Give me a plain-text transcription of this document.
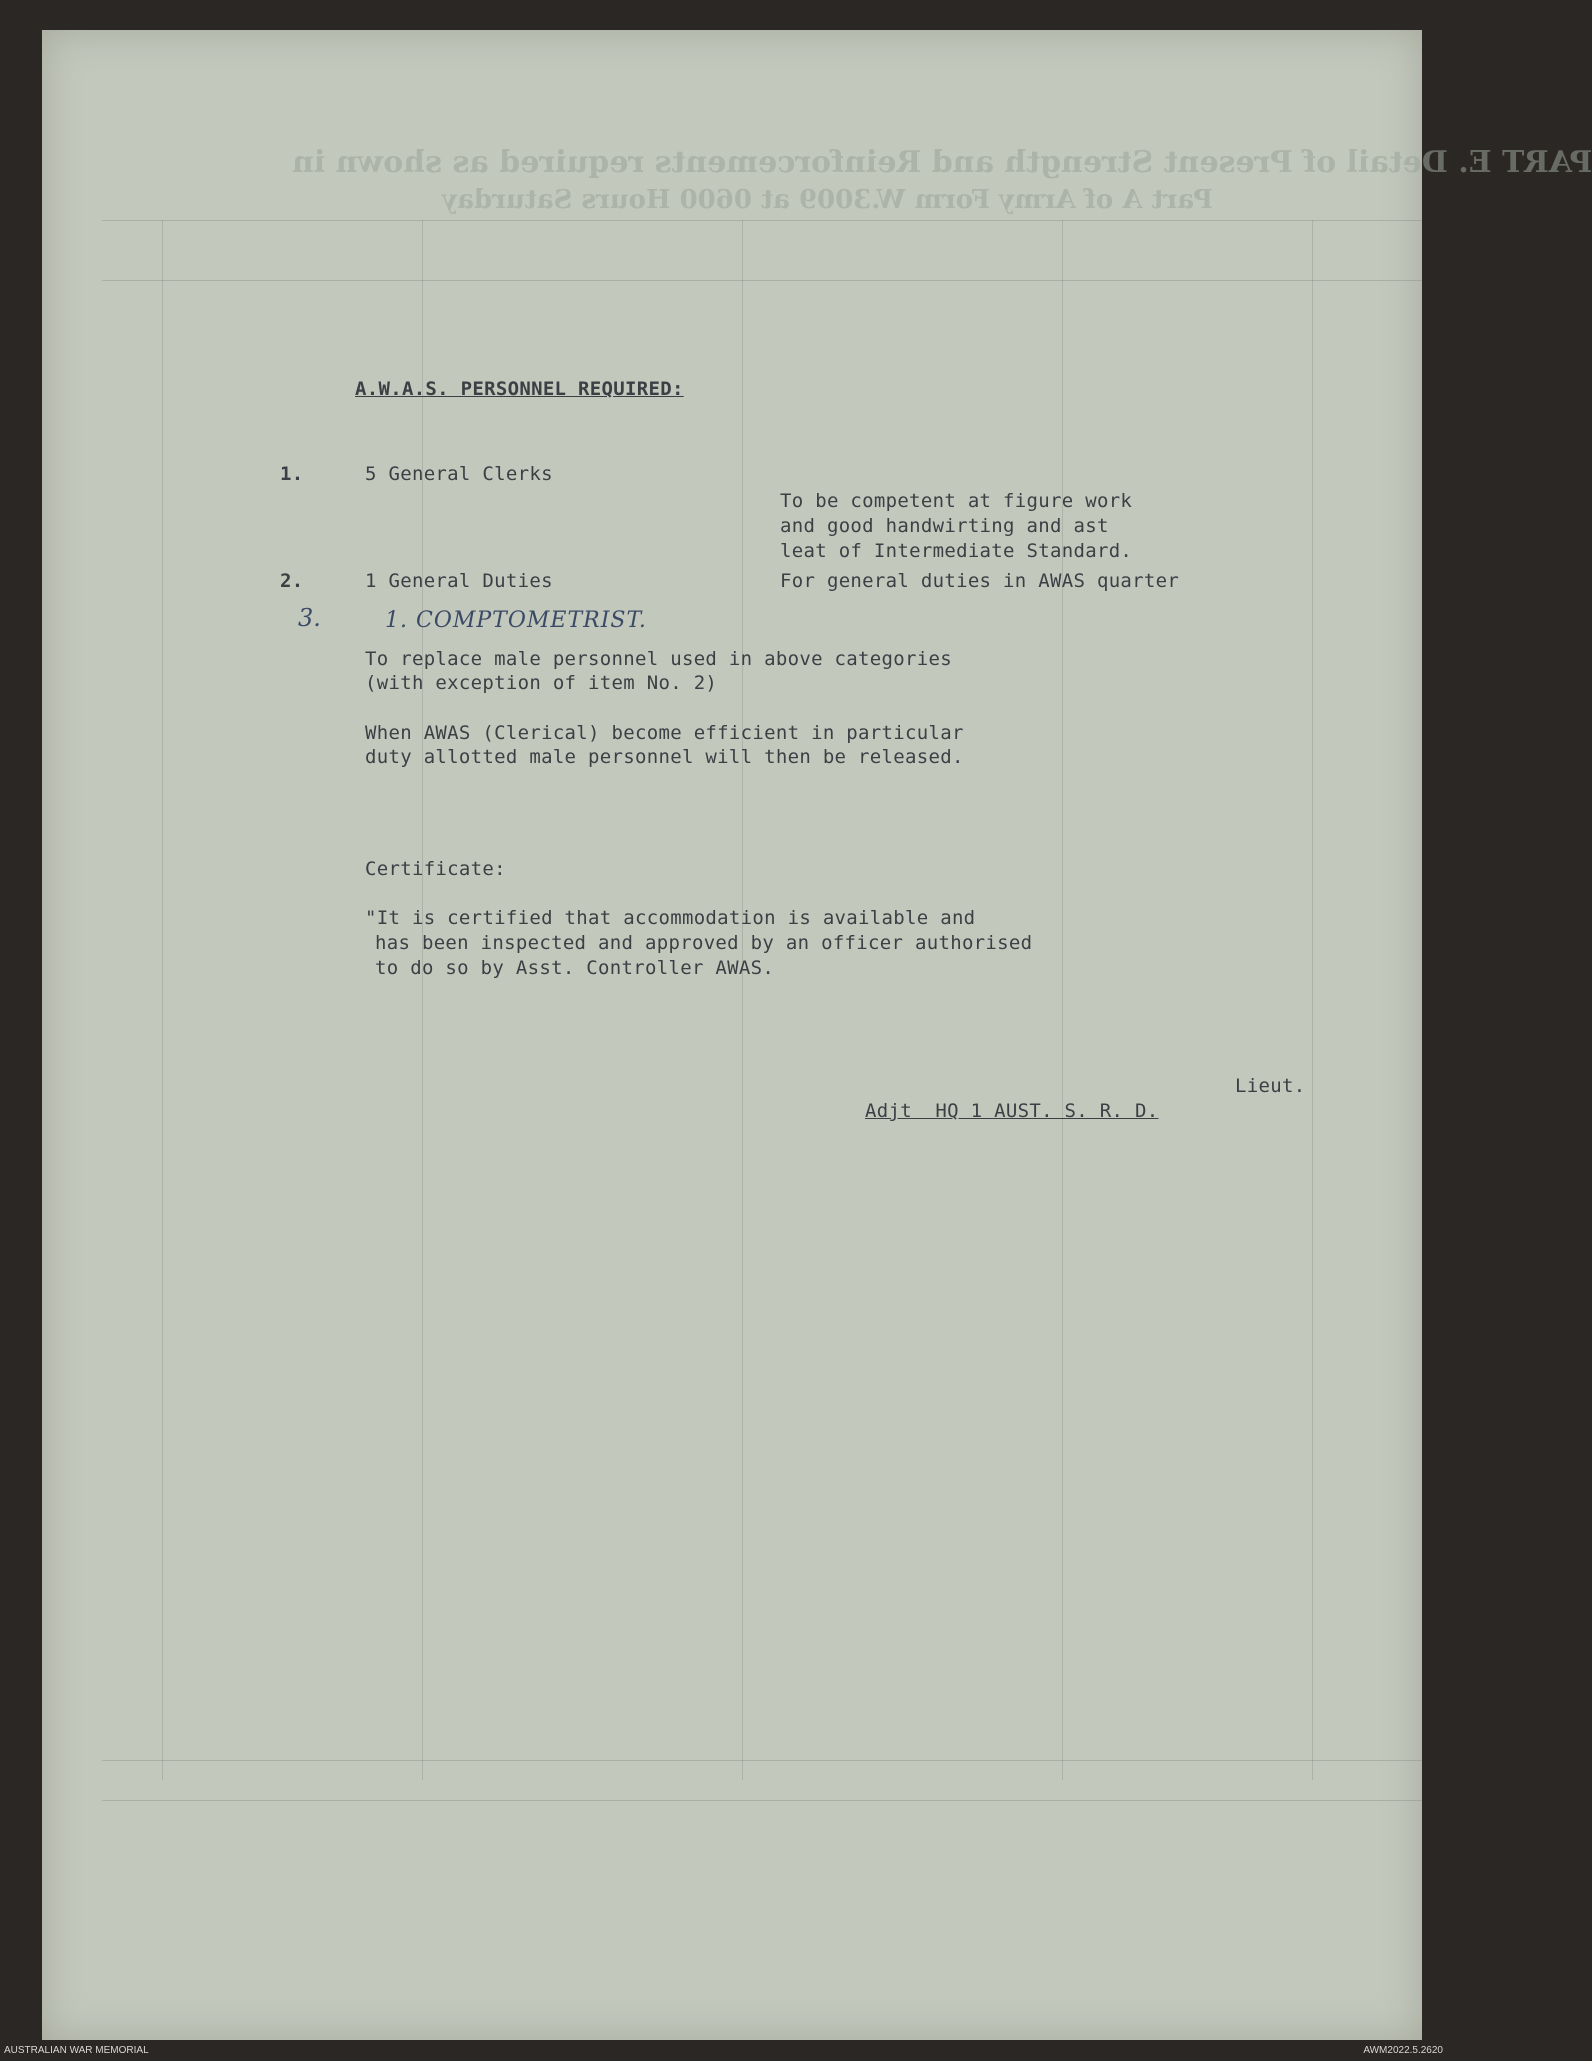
PART E. Detail of Present Strength and Reinforcements required as shown in
Part A of Army Form W.3009 at 0600 Hours Saturday
A.W.A.S. PERSONNEL REQUIRED:
1.	5 General Clerks
To be competent at figure work
and good handwirting and ast
leat of Intermediate Standard.
2.	1 General Duties	For general duties in AWAS quarter
3.	1. COMPTOMETRIST.
To replace male personnel used in above categories
(with exception of item No. 2)
When AWAS (Clerical) become efficient in particular
duty allotted male personnel will then be released.
Certificate:
"It is certified that accommodation is available and
has been inspected and approved by an officer authorised
to do so by Asst. Controller AWAS.
Lieut.
Adjt  HQ 1 AUST. S. R. D.
AUSTRALIAN WAR MEMORIAL	AWM2022.5.2620
